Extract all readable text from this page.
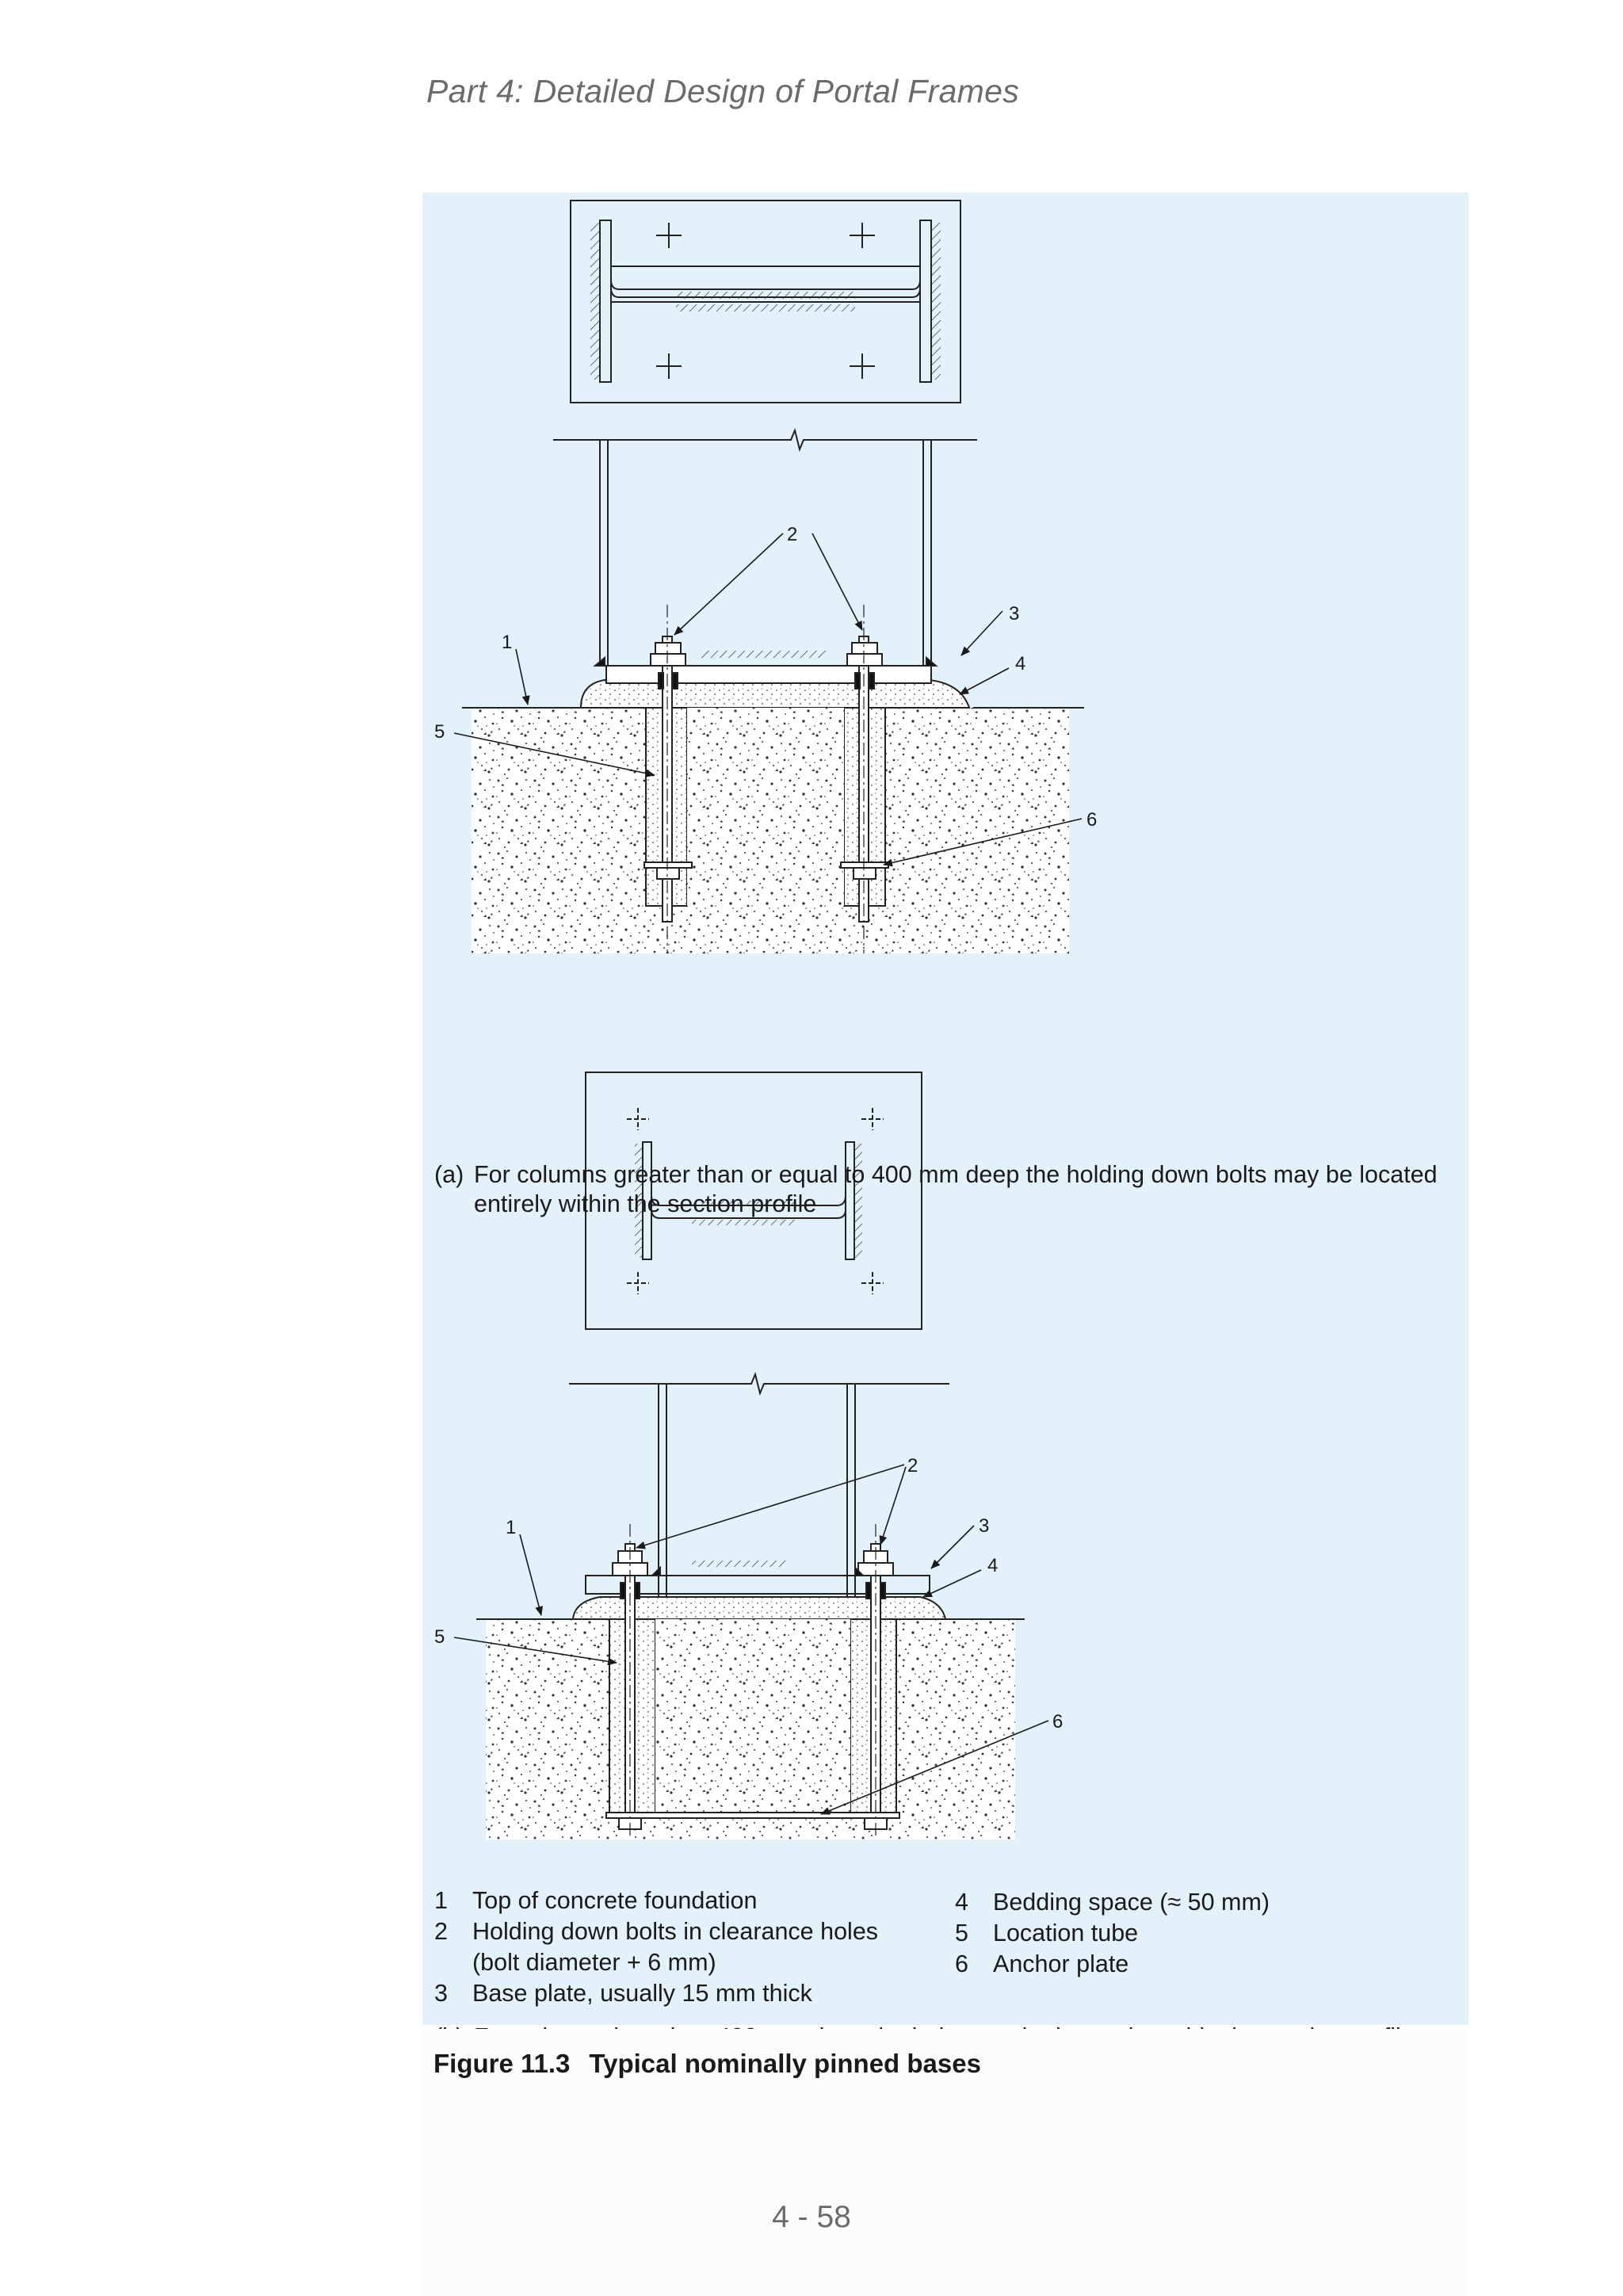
Part 4: Detailed Design of Portal Frames
2
1
3
4
5
6
2
1	3
4
5
6
(a) For columns greater than or equal to 400 mm deep the holding down bolts may be located entirely within the section profile
1 Top of concrete foundation
2 Holding down bolts in clearance holes
(bolt diameter + 6 mm)
3 Base plate, usually 15 mm thick
4 Bedding space (≈ 50 mm)
5 Location tube
6 Anchor plate
Figure 11.3 Typical nominally pinned bases
4 - 58
